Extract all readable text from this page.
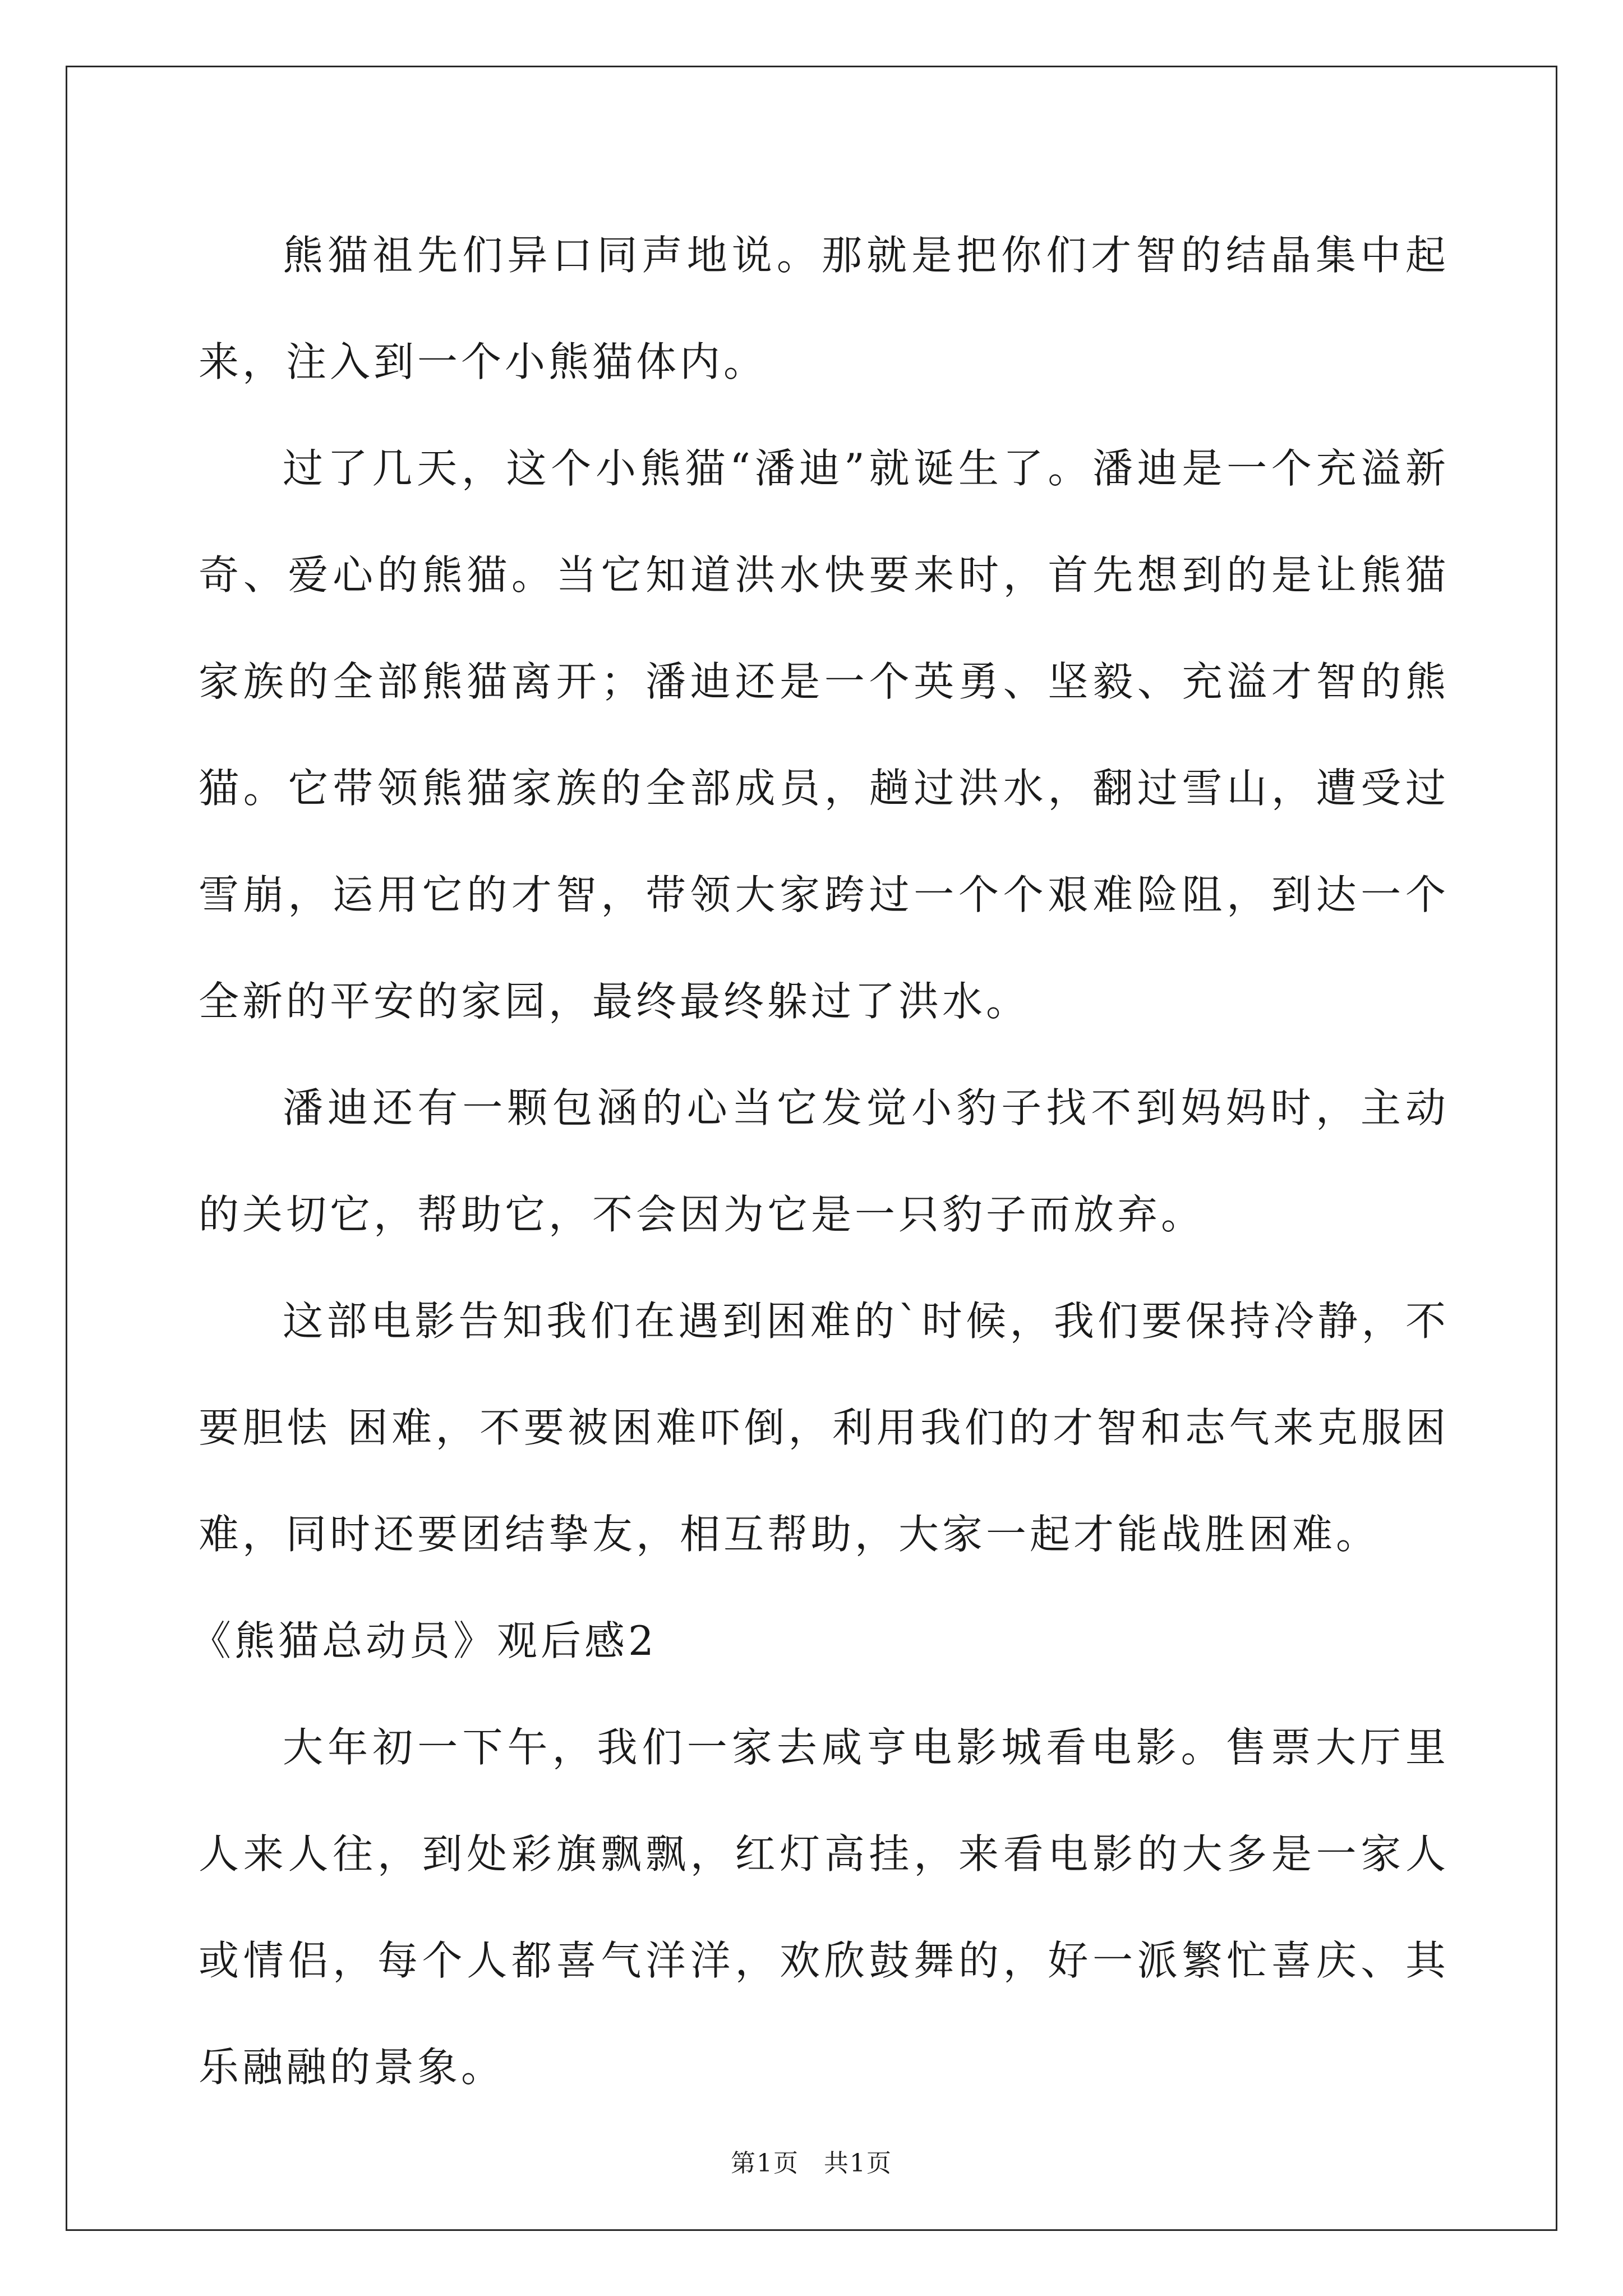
熊猫祖先们异口同声地说。那就是把你们才智的结晶集中起来，注入到一个小熊猫体内。

过了几天，这个小熊猫“潘迪”就诞生了。潘迪是一个充溢新奇、爱心的熊猫。当它知道洪水快要来时，首先想到的是让熊猫家族的全部熊猫离开；潘迪还是一个英勇、坚毅、充溢才智的熊猫。它带领熊猫家族的全部成员，趟过洪水，翻过雪山，遭受过雪崩，运用它的才智，带领大家跨过一个个艰难险阻，到达一个全新的平安的家园，最终最终躲过了洪水。

潘迪还有一颗包涵的心当它发觉小豹子找不到妈妈时，主动的关切它，帮助它，不会因为它是一只豹子而放弃。

这部电影告知我们在遇到困难的`时候，我们要保持冷静，不要胆怯 困难，不要被困难吓倒，利用我们的才智和志气来克服困难，同时还要团结挚友，相互帮助，大家一起才能战胜困难。

《熊猫总动员》观后感2

大年初一下午，我们一家去咸亨电影城看电影。售票大厅里人来人往，到处彩旗飘飘，红灯高挂，来看电影的大多是一家人或情侣，每个人都喜气洋洋，欢欣鼓舞的，好一派繁忙喜庆、其乐融融的景象。

第1页 共1页
